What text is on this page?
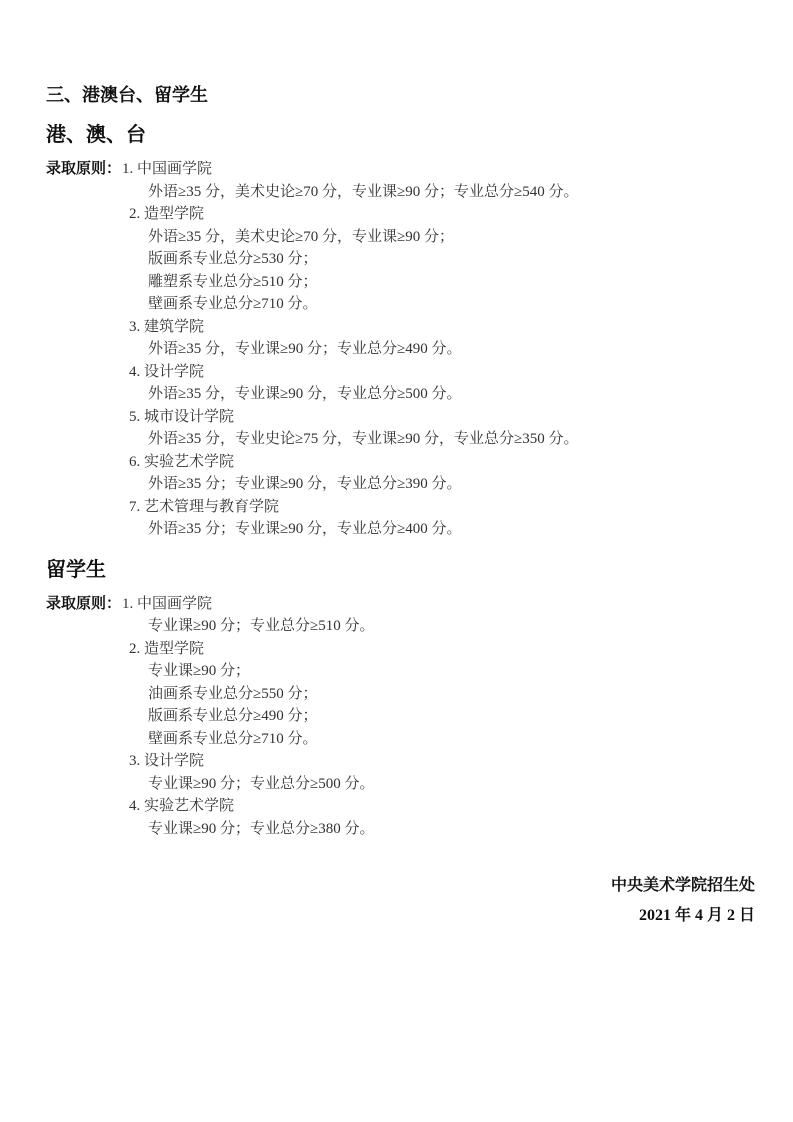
三、港澳台、留学生
港、澳、台
录取原则： 1. 中国画学院
外语≥35 分，美术史论≥70 分，专业课≥90 分；专业总分≥540 分。
2. 造型学院
外语≥35 分，美术史论≥70 分，专业课≥90 分；
版画系专业总分≥530 分；
雕塑系专业总分≥510 分；
壁画系专业总分≥710 分。
3. 建筑学院
外语≥35 分，专业课≥90 分；专业总分≥490 分。
4. 设计学院
外语≥35 分，专业课≥90 分，专业总分≥500 分。
5. 城市设计学院
外语≥35 分，专业史论≥75 分，专业课≥90 分，专业总分≥350 分。
6. 实验艺术学院
外语≥35 分；专业课≥90 分，专业总分≥390 分。
7. 艺术管理与教育学院
外语≥35 分；专业课≥90 分，专业总分≥400 分。
留学生
录取原则： 1. 中国画学院
专业课≥90 分；专业总分≥510 分。
2. 造型学院
专业课≥90 分；
油画系专业总分≥550 分；
版画系专业总分≥490 分；
壁画系专业总分≥710 分。
3. 设计学院
专业课≥90 分；专业总分≥500 分。
4. 实验艺术学院
专业课≥90 分；专业总分≥380 分。
中央美术学院招生处
2021 年 4 月 2 日
